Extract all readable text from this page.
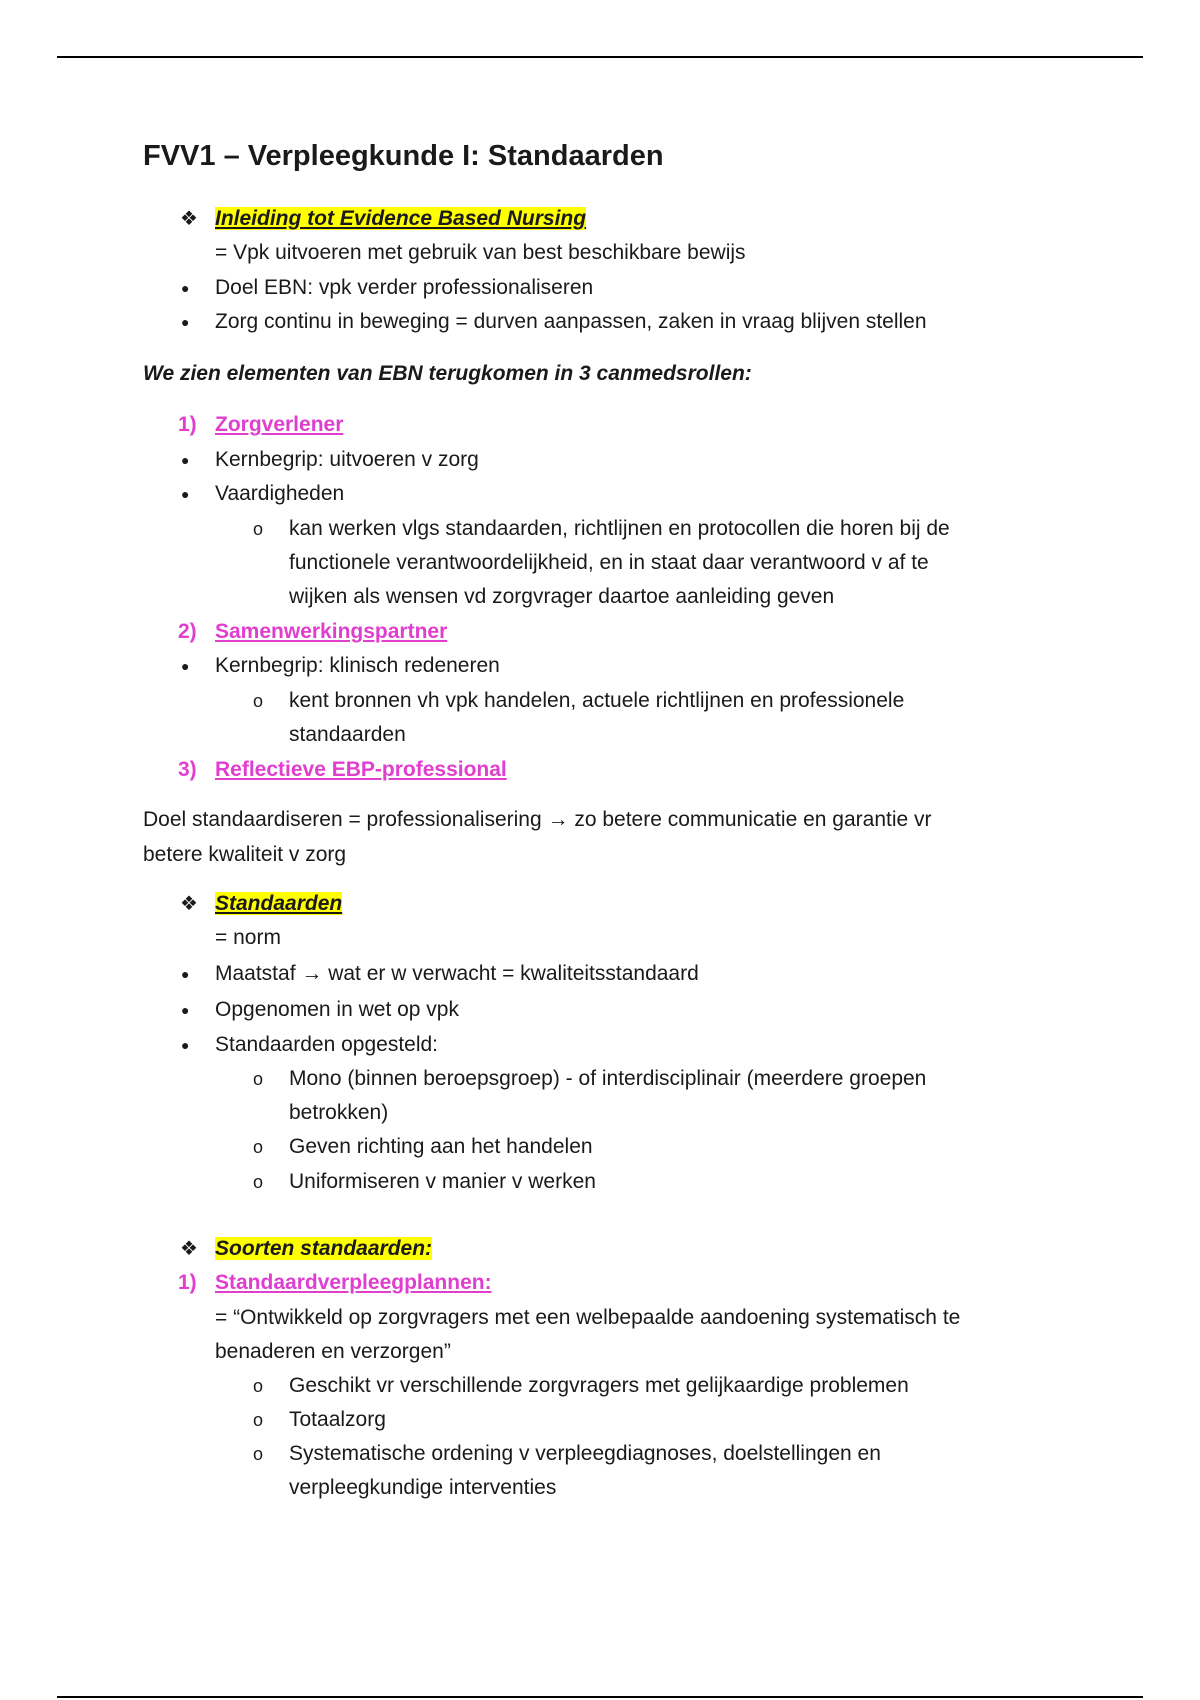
FVV1 – Verpleegkunde I: Standaarden
❖ Inleiding tot Evidence Based Nursing
= Vpk uitvoeren met gebruik van best beschikbare bewijs
● Doel EBN: vpk verder professionaliseren
● Zorg continu in beweging = durven aanpassen, zaken in vraag blijven stellen
We zien elementen van EBN terugkomen in 3 canmedsrollen:
1) Zorgverlener
● Kernbegrip: uitvoeren v zorg
● Vaardigheden
o kan werken vlgs standaarden, richtlijnen en protocollen die horen bij de
functionele verantwoordelijkheid, en in staat daar verantwoord v af te
wijken als wensen vd zorgvrager daartoe aanleiding geven
2) Samenwerkingspartner
● Kernbegrip: klinisch redeneren
o kent bronnen vh vpk handelen, actuele richtlijnen en professionele
standaarden
3) Reflectieve EBP-professional
Doel standaardiseren = professionalisering → zo betere communicatie en garantie vr
betere kwaliteit v zorg
❖ Standaarden
= norm
● Maatstaf → wat er w verwacht = kwaliteitsstandaard
● Opgenomen in wet op vpk
● Standaarden opgesteld:
o Mono (binnen beroepsgroep) - of interdisciplinair (meerdere groepen
betrokken)
o Geven richting aan het handelen
o Uniformiseren v manier v werken
❖ Soorten standaarden:
1) Standaardverpleegplannen:
= “Ontwikkeld op zorgvragers met een welbepaalde aandoening systematisch te
benaderen en verzorgen”
o Geschikt vr verschillende zorgvragers met gelijkaardige problemen
o Totaalzorg
o Systematische ordening v verpleegdiagnoses, doelstellingen en
verpleegkundige interventies
